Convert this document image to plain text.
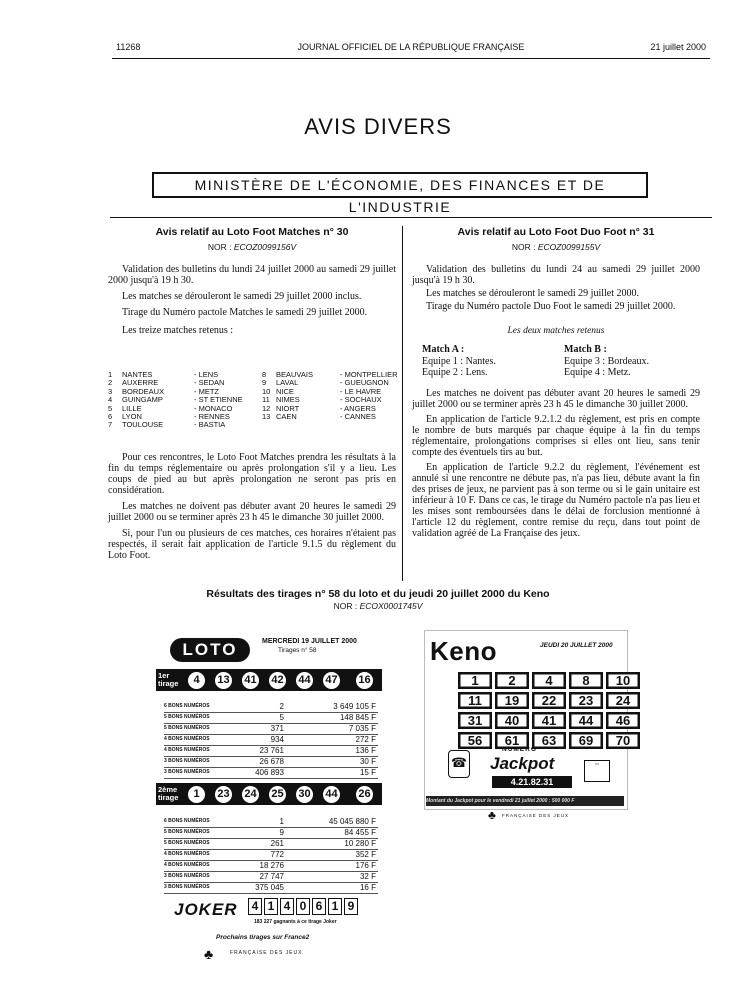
11268	JOURNAL OFFICIEL DE LA RÉPUBLIQUE FRANÇAISE	21 juillet 2000
AVIS DIVERS
MINISTÈRE DE L'ÉCONOMIE, DES FINANCES ET DE L'INDUSTRIE
Avis relatif au Loto Foot Matches n° 30
NOR : ECOZ0099156V

Validation des bulletins du lundi 24 juillet 2000 au samedi 29 juillet 2000 jusqu'à 19 h 30.

Les matches se dérouleront le samedi 29 juillet 2000 inclus.

Tirage du Numéro pactole Matches le samedi 29 juillet 2000.

Les treize matches retenus :

1 NANTES	- LENS
2 AUXERRE	- SEDAN
3 BORDEAUX	- METZ
4 GUINGAMP	- ST ETIENNE
5 LILLE	- MONACO
6 LYON	- RENNES
7 TOULOUSE	- BASTIA
8 BEAUVAIS	- MONTPELLIER
9 LAVAL	- GUEUGNON
10 NICE	- LE HAVRE
11 NIMES	- SOCHAUX
12 NIORT	- ANGERS
13 CAEN	- CANNES

Pour ces rencontres, le Loto Foot Matches prendra les résultats à la fin du temps réglementaire ou après prolongation s'il y a lieu. Les coups de pied au but après prolongation ne seront pas pris en considération.

Les matches ne doivent pas débuter avant 20 heures le samedi 29 juillet 2000 ou se terminer après 23 h 45 le dimanche 30 juillet 2000.

Si, pour l'un ou plusieurs de ces matches, ces horaires n'étaient pas respectés, il serait fait application de l'article 9.1.5 du règlement du Loto Foot.

Avis relatif au Loto Foot Duo Foot n° 31
NOR : ECOZ0099155V

Validation des bulletins du lundi 24 au samedi 29 juillet 2000 jusqu'à 19 h 30.

Les matches se dérouleront le samedi 29 juillet 2000.

Tirage du Numéro pactole Duo Foot le samedi 29 juillet 2000.

Les deux matches retenus
Match A :
Equipe 1 : Nantes.
Equipe 2 : Lens.
Match B :
Equipe 3 : Bordeaux.
Equipe 4 : Metz.

Les matches ne doivent pas débuter avant 20 heures le samedi 29 juillet 2000 ou se terminer après 23 h 45 le dimanche 30 juillet 2000.

En application de l'article 9.2.1.2 du règlement, est pris en compte le nombre de buts marqués par chaque équipe à la fin du temps réglementaire, prolongations comprises si elles ont lieu, sans tenir compte des éventuels tirs au but.

En application de l'article 9.2.2 du règlement, l'événement est annulé si une rencontre ne débute pas, n'a pas lieu, débute avant la fin des prises de jeux, ne parvient pas à son terme ou si le gain unitaire est inférieur à 10 F. Dans ce cas, le tirage du Numéro pactole n'a pas lieu et les mises sont remboursées dans le délai de forclusion mentionné à l'article 12 du règlement, contre remise du reçu, dans tout point de validation agréé de La Française des jeux.

Résultats des tirages n° 58 du loto et du jeudi 20 juillet 2000 du Keno
NOR : ECOX0001745V
LOTO	MERCREDI 19 JUILLET 2000
Tirages n° 58
1er tirage	4	13	41	42	44	47	16
6 BONS NUMÉROS	2	3 649 105 F
5 BONS NUMÉROS	5	148 845 F
5 BONS NUMÉROS	371	7 035 F
4 BONS NUMÉROS	934	272 F
4 BONS NUMÉROS	23 761	136 F
3 BONS NUMÉROS	26 678	30 F
3 BONS NUMÉROS	406 893	15 F
2ème tirage	1	23	24	25	30	44	26
6 BONS NUMÉROS	1	45 045 880 F
5 BONS NUMÉROS	9	84 455 F
5 BONS NUMÉROS	261	10 280 F
4 BONS NUMÉROS	772	352 F
4 BONS NUMÉROS	18 276	176 F
3 BONS NUMÉROS	27 747	32 F
3 BONS NUMÉROS	375 045	16 F
JOKER	4 1 4 0 6 1 9
183 227 gagnants à ce tirage Joker
Prochains tirages sur France2
FRANÇAISE DES JEUX
♣
Keno	JEUDI 20 JUILLET 2000
1	2	4	8	10
11	19	22	23	24
31	40	41	44	46
56	61	63	69	70
NUMERO
Jackpot
4.21.82.31
☎	▭
Montant du Jackpot pour le vendredi 21 juillet 2000 : 500 000 F
♣ FRANÇAISE DES JEUX
